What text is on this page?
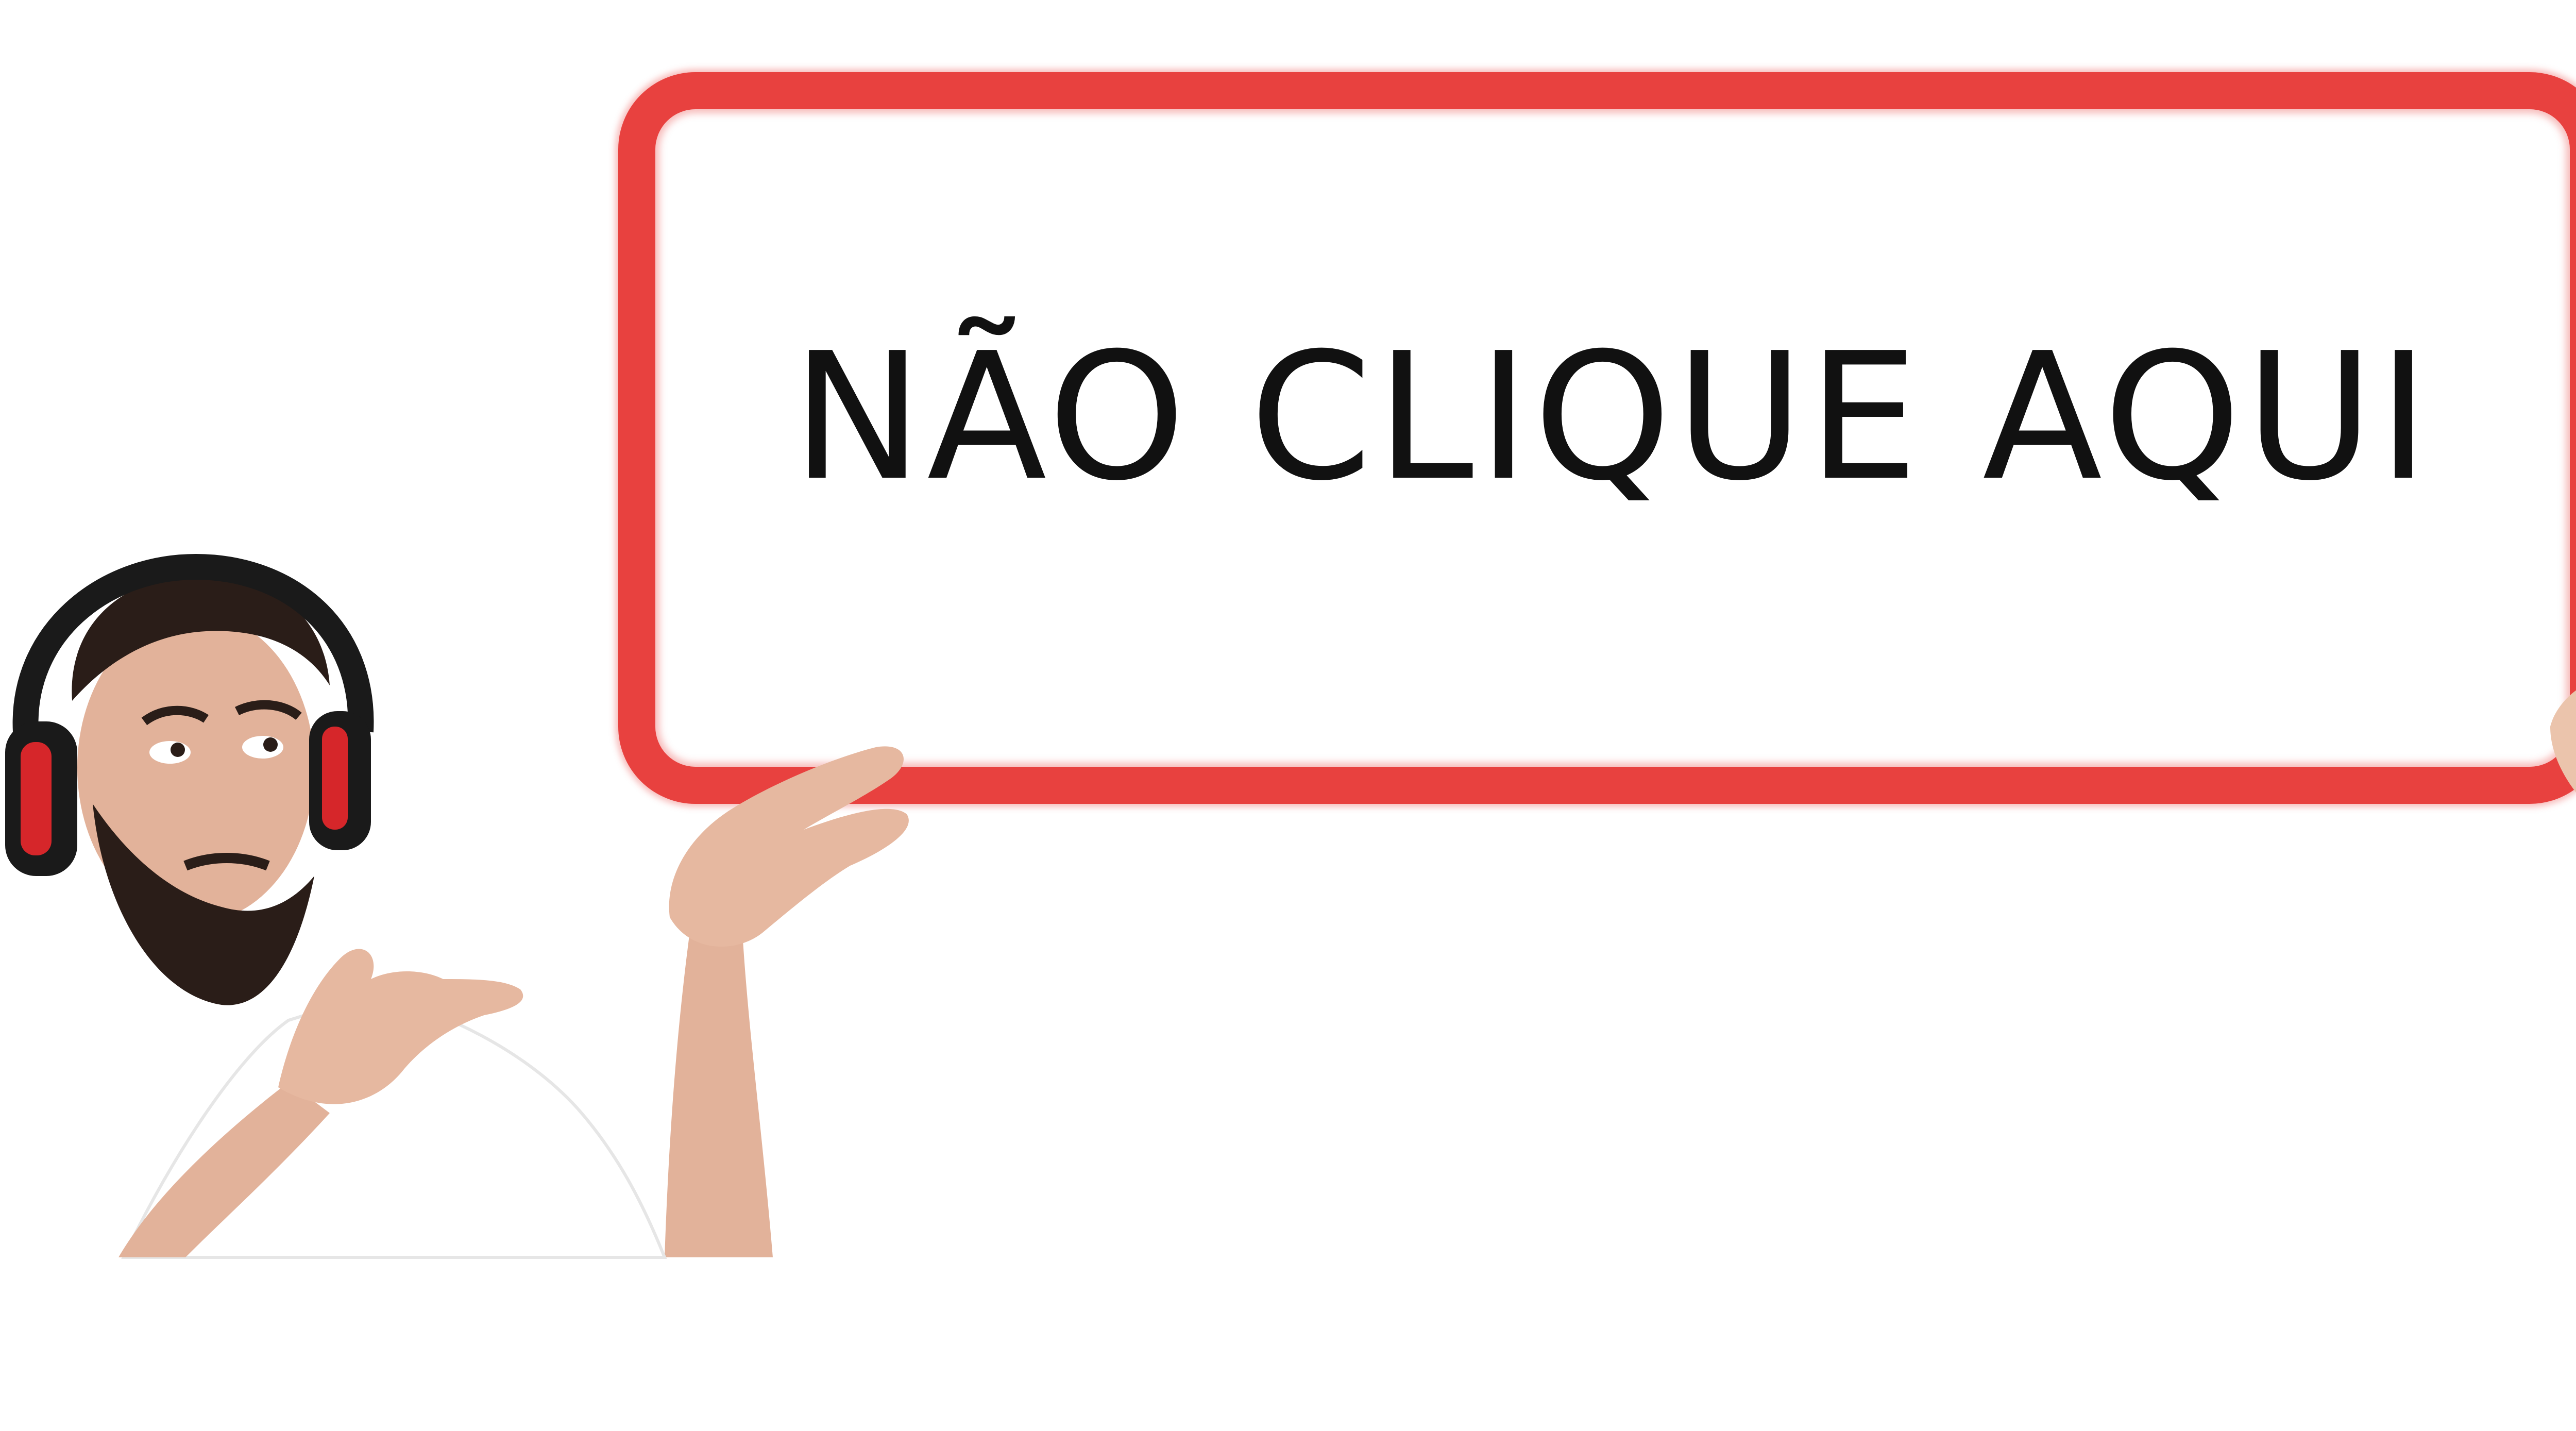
NÃO CLIQUE AQUI
